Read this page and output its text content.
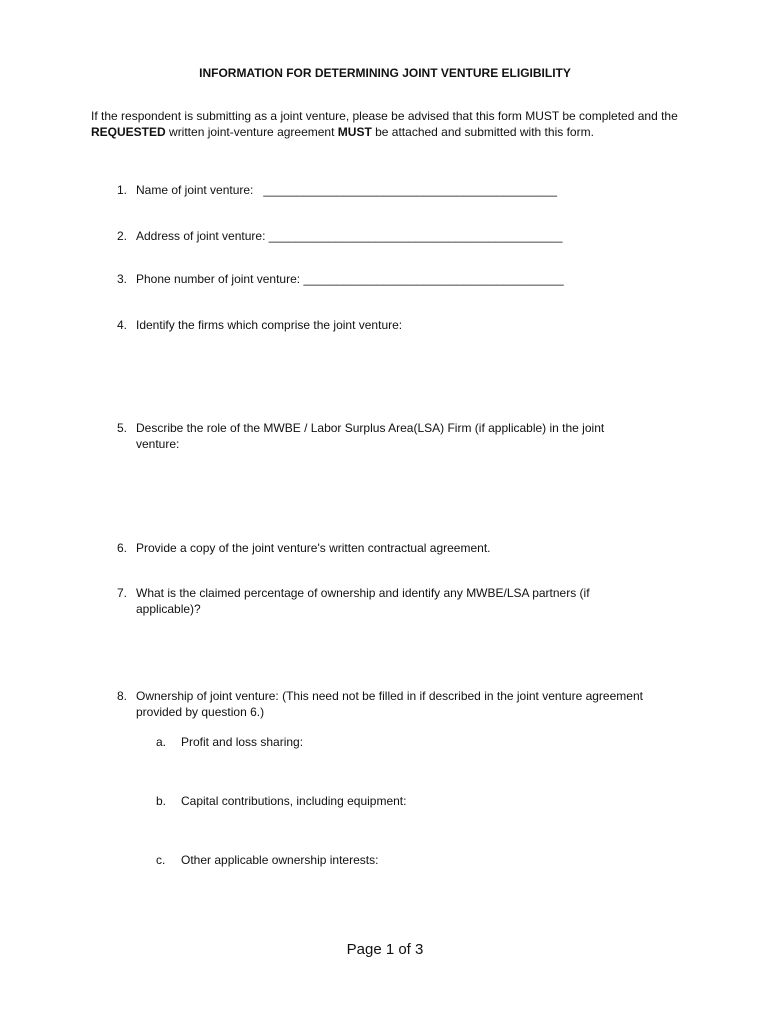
INFORMATION FOR DETERMINING JOINT VENTURE ELIGIBILITY
If the respondent is submitting as a joint venture, please be advised that this form MUST be completed and the REQUESTED written joint-venture agreement MUST be attached and submitted with this form.
1. Name of joint venture: ____________________________________________
2. Address of joint venture: ____________________________________________
3. Phone number of joint venture: _______________________________________
4. Identify the firms which comprise the joint venture:
5. Describe the role of the MWBE / Labor Surplus Area(LSA) Firm (if applicable) in the joint venture:
6. Provide a copy of the joint venture's written contractual agreement.
7. What is the claimed percentage of ownership and identify any MWBE/LSA partners (if applicable)?
8. Ownership of joint venture: (This need not be filled in if described in the joint venture agreement provided by question 6.)
a. Profit and loss sharing:
b. Capital contributions, including equipment:
c. Other applicable ownership interests:
Page 1 of 3
